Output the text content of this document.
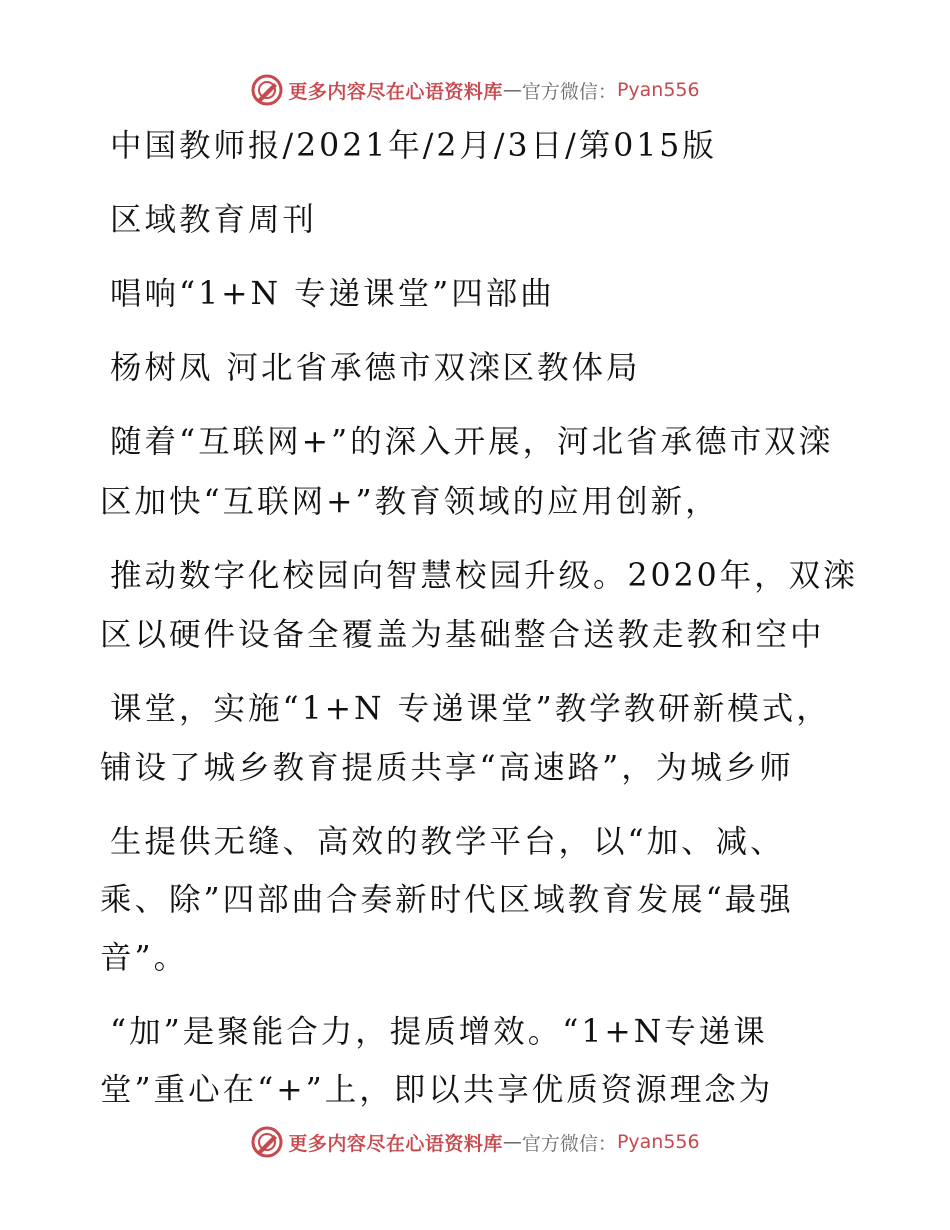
更多内容尽在心语资料库 — 官方微信： Pyan556
中国教师报/2021年/2月/3日/第015版
区域教育周刊
唱响“1+N 专递课堂”四部曲
杨树凤 河北省承德市双滦区教体局
随着“互联网+”的深入开展，河北省承德市双滦
区加快“互联网+”教育领域的应用创新，
推动数字化校园向智慧校园升级。2020年，双滦
区以硬件设备全覆盖为基础整合送教走教和空中
课堂，实施“1+N 专递课堂”教学教研新模式，
铺设了城乡教育提质共享“高速路”，为城乡师
生提供无缝、高效的教学平台，以“加、减、
乘、除”四部曲合奏新时代区域教育发展“最强
音”。
“加”是聚能合力，提质增效。“1+N专递课
堂”重心在“+”上，即以共享优质资源理念为
更多内容尽在心语资料库 — 官方微信： Pyan556
